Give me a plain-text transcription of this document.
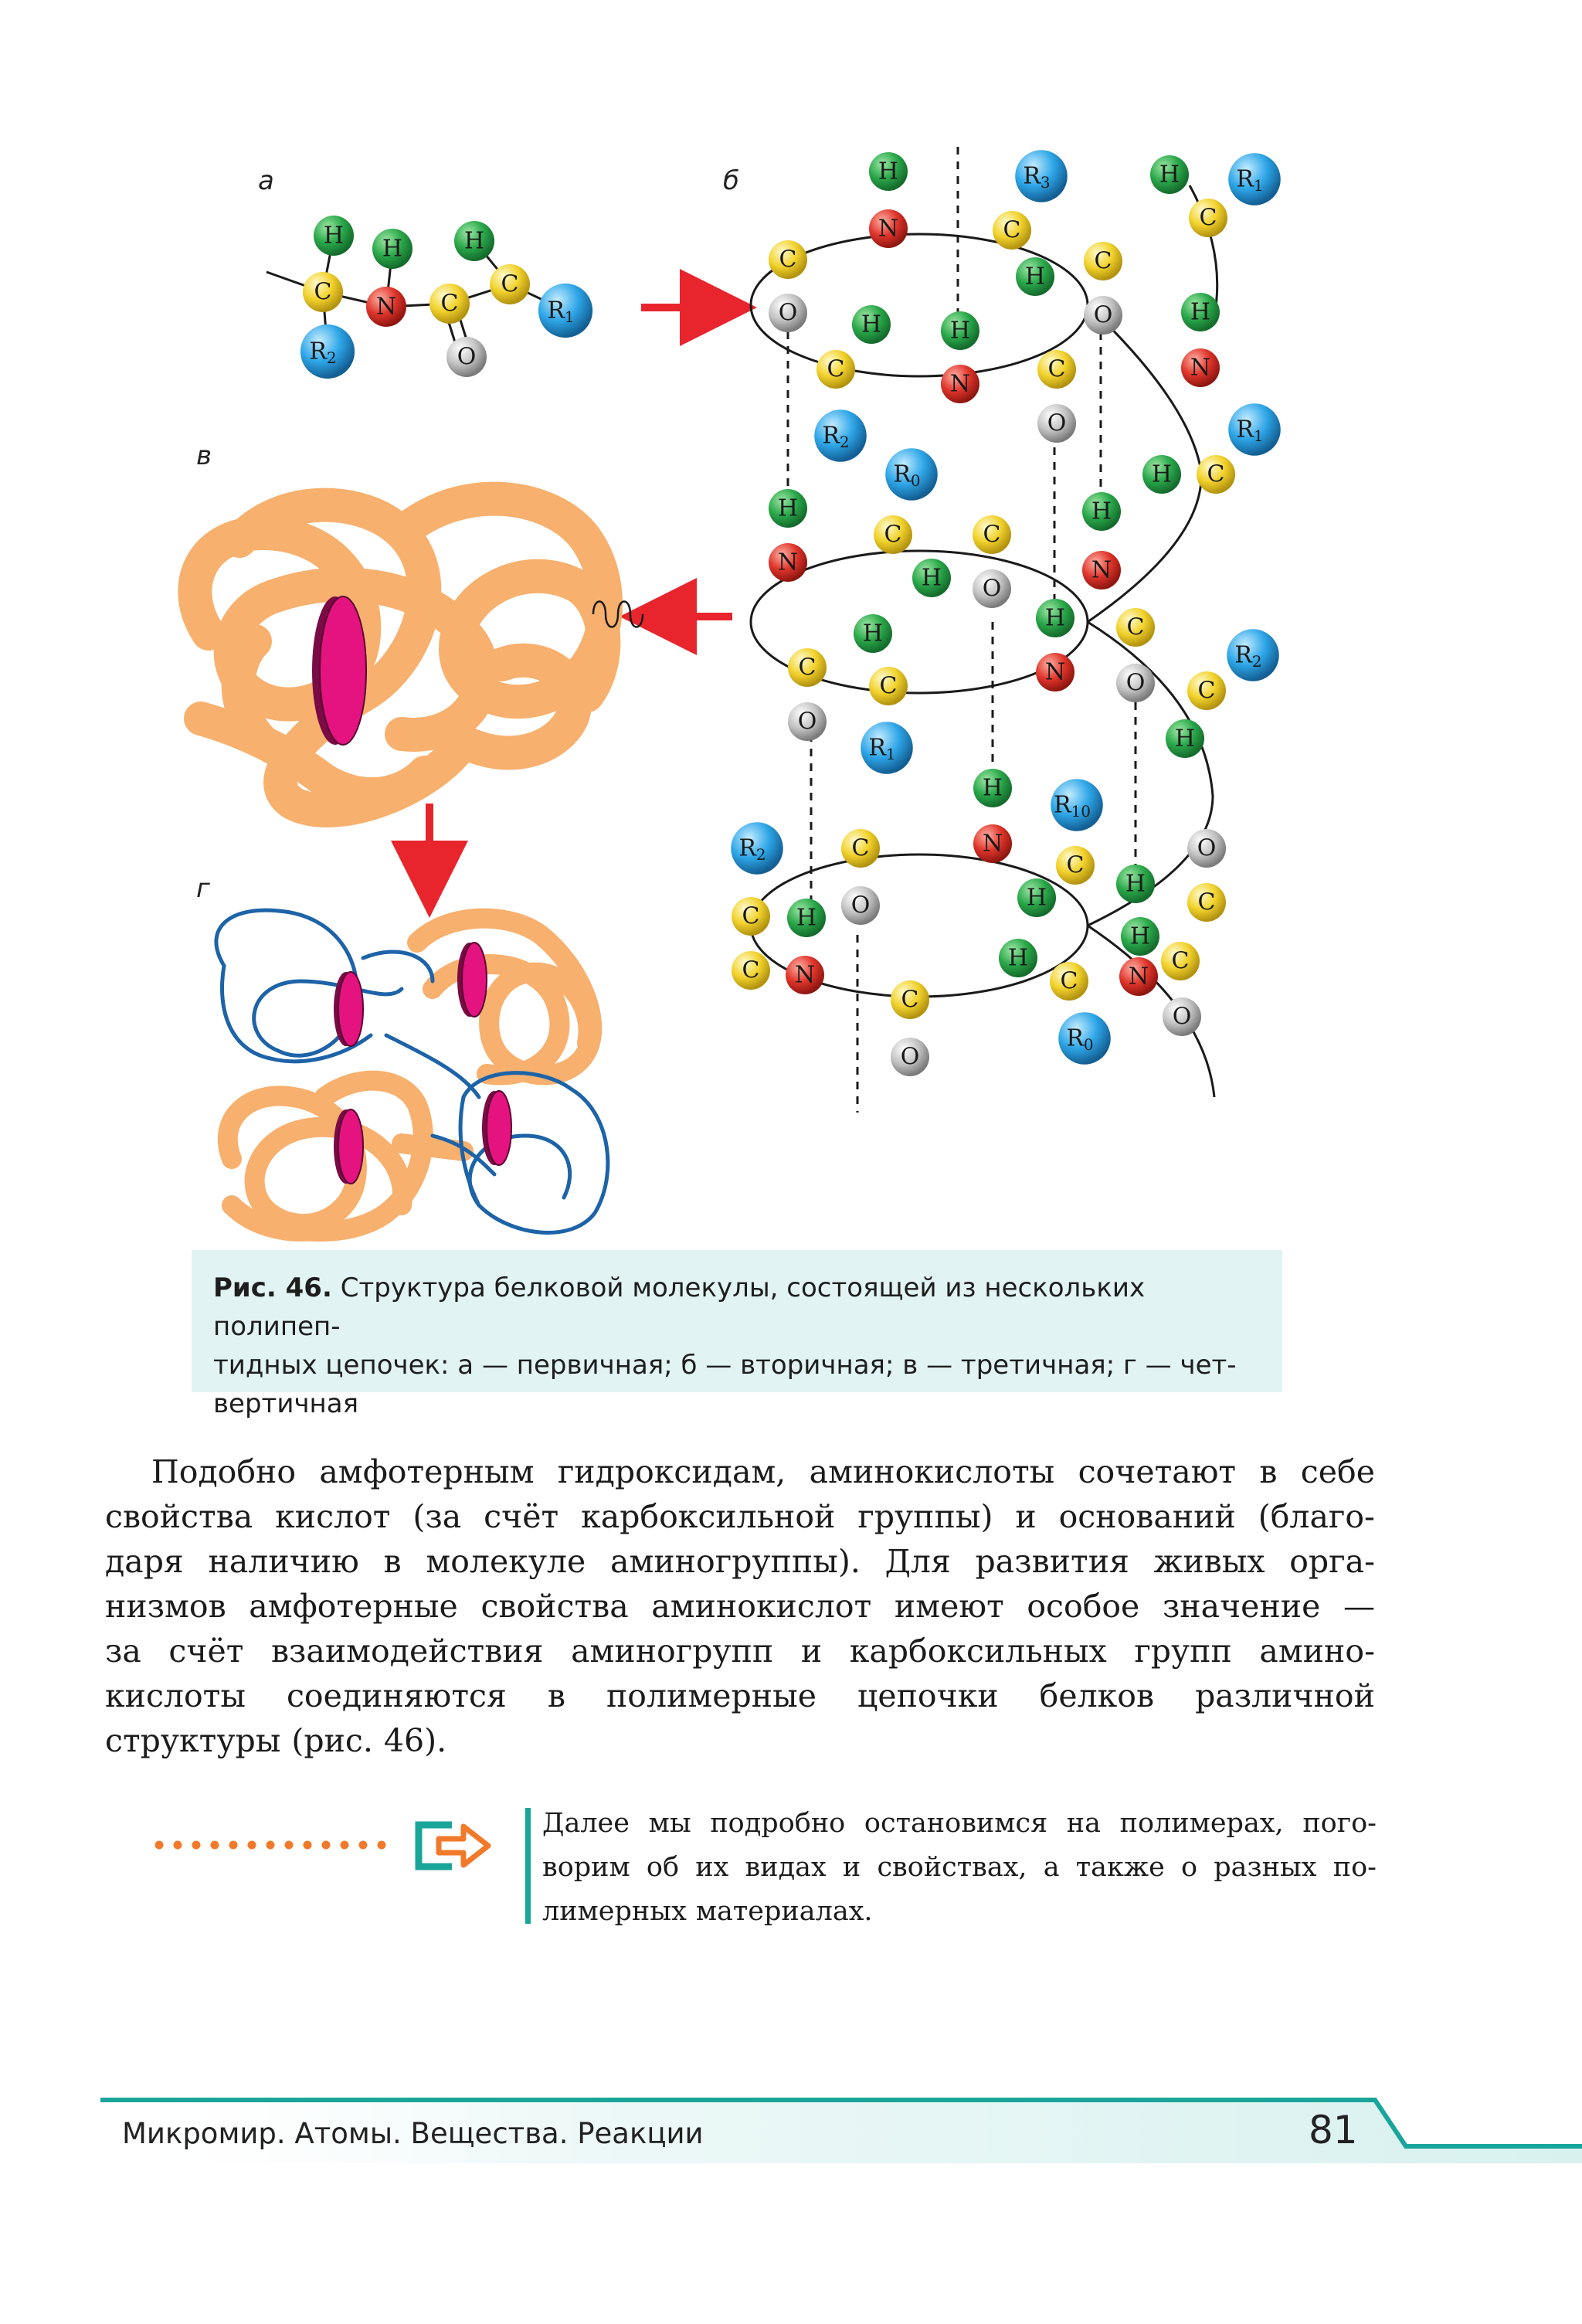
H H	H
C
N C
C
$R_1$
$R_2$	O
H
N
$R_3$
C
H
C
O
C
O
H $R_1$
C
H
C
H
N
C
O
H
N
$R_2$	$R_1$
H C
$R_0$
H
N
C
H
C
O
H
N
H
C
H
N
C
O
C
O
$R_1$
$R_2$
C
H
H
$R_{10}$
N
$R_2$	C
O
C
H
H
C H
N
C
O
C
H
N
C
O
H
C
$R_0$
C
O
а	б
в
г
Рис. 46. Структура белковой молекулы, состоящей из нескольких полипеп-
тидных цепочек: а — первичная; б — вторичная; в — третичная; г — чет-
вертичная
Подобно амфотерным гидроксидам, аминокислоты сочетают в себе
свойства кислот (за счёт карбоксильной группы) и оснований (благо-
даря наличию в молекуле аминогруппы). Для развития живых орга-
низмов амфотерные свойства аминокислот имеют особое значение —
за счёт взаимодействия аминогрупп и карбоксильных групп амино-
кислоты соединяются в полимерные цепочки белков различной
структуры (рис. 46).
Далее мы подробно остановимся на полимерах, пого-
ворим об их видах и свойствах, а также о разных по-
лимерных материалах.
Микромир. Атомы. Вещества. Реакции	81
